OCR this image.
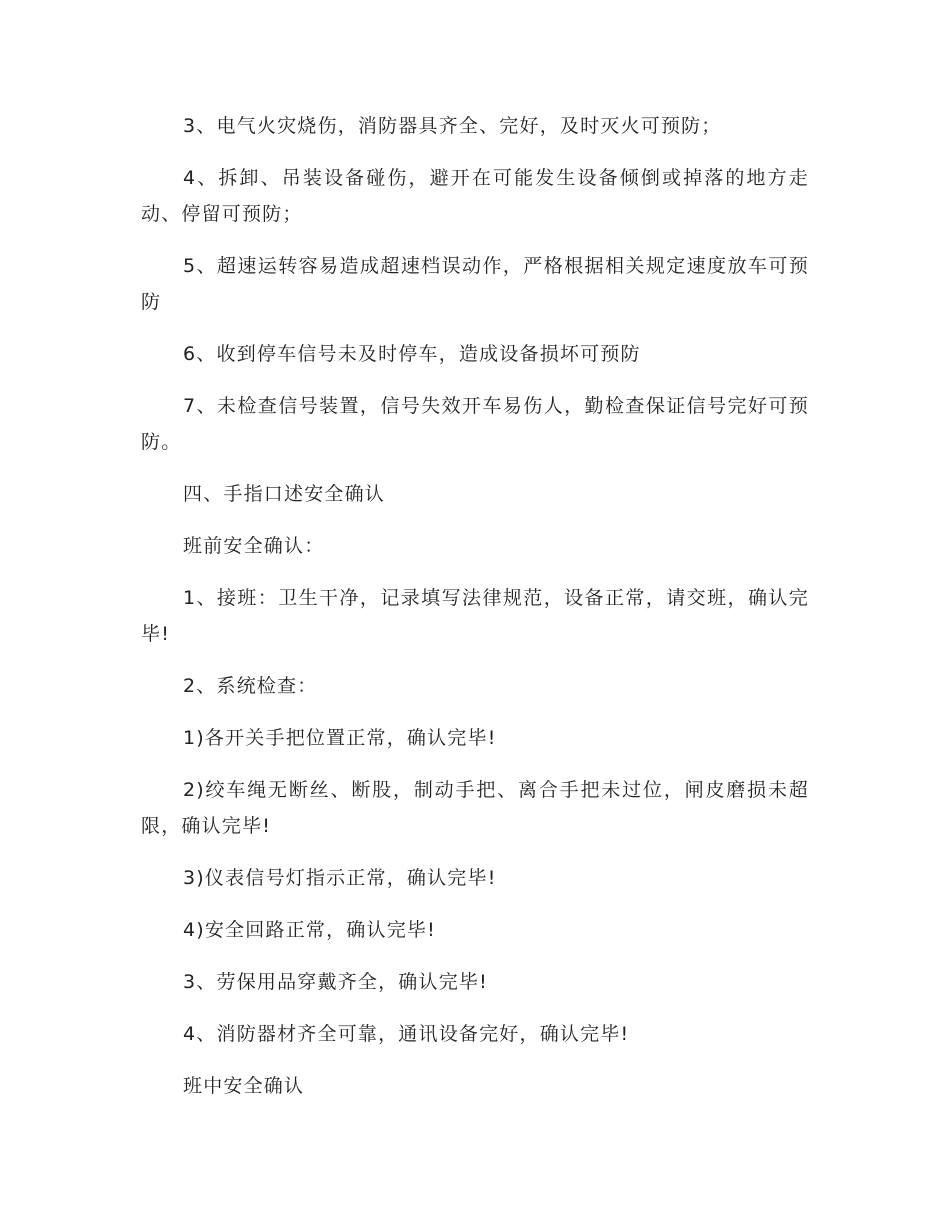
3、电气火灾烧伤，消防器具齐全、完好，及时灭火可预防；

4、拆卸、吊装设备碰伤，避开在可能发生设备倾倒或掉落的地方走动、停留可预防；

5、超速运转容易造成超速档误动作，严格根据相关规定速度放车可预防

6、收到停车信号未及时停车，造成设备损坏可预防

7、未检查信号装置，信号失效开车易伤人，勤检查保证信号完好可预防。

四、手指口述安全确认

班前安全确认：

1、接班：卫生干净，记录填写法律规范，设备正常，请交班，确认完毕!

2、系统检查：

1)各开关手把位置正常，确认完毕!

2)绞车绳无断丝、断股，制动手把、离合手把未过位，闸皮磨损未超限，确认完毕!

3)仪表信号灯指示正常，确认完毕!

4)安全回路正常，确认完毕!

3、劳保用品穿戴齐全，确认完毕!

4、消防器材齐全可靠，通讯设备完好，确认完毕!

班中安全确认
